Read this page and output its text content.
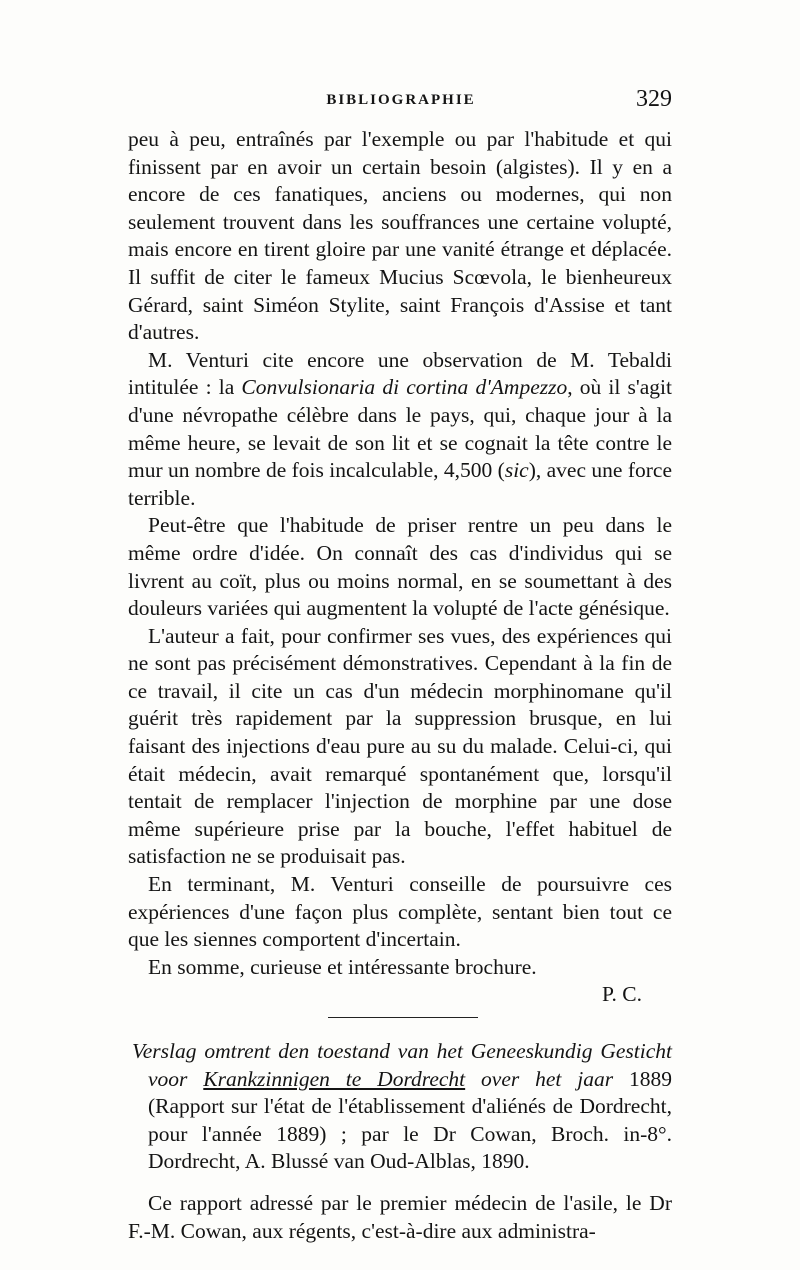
BIBLIOGRAPHIE	329

peu à peu, entraînés par l'exemple ou par l'habitude et qui finissent par en avoir un certain besoin (algistes). Il y en a encore de ces fanatiques, anciens ou modernes, qui non seulement trouvent dans les souffrances une certaine volupté, mais encore en tirent gloire par une vanité étrange et déplacée. Il suffit de citer le fameux Mucius Scœvola, le bienheureux Gérard, saint Siméon Stylite, saint François d'Assise et tant d'autres.

M. Venturi cite encore une observation de M. Tebaldi intitulée : la Convulsionaria di cortina d'Ampezzo, où il s'agit d'une névropathe célèbre dans le pays, qui, chaque jour à la même heure, se levait de son lit et se cognait la tête contre le mur un nombre de fois incalculable, 4,500 (sic), avec une force terrible.

Peut-être que l'habitude de priser rentre un peu dans le même ordre d'idée. On connaît des cas d'individus qui se livrent au coït, plus ou moins normal, en se soumettant à des douleurs variées qui augmentent la volupté de l'acte génésique.

L'auteur a fait, pour confirmer ses vues, des expériences qui ne sont pas précisément démonstratives. Cependant à la fin de ce travail, il cite un cas d'un médecin morphinomane qu'il guérit très rapidement par la suppression brusque, en lui faisant des injections d'eau pure au su du malade. Celui-ci, qui était médecin, avait remarqué spontanément que, lorsqu'il tentait de remplacer l'injection de morphine par une dose même supérieure prise par la bouche, l'effet habituel de satisfaction ne se produisait pas.

En terminant, M. Venturi conseille de poursuivre ces expériences d'une façon plus complète, sentant bien tout ce que les siennes comportent d'incertain.

En somme, curieuse et intéressante brochure.

P. C.

Verslag omtrent den toestand van het Geneeskundig Gesticht voor Krankzinnigen te Dordrecht over het jaar 1889 (Rapport sur l'état de l'établissement d'aliénés de Dordrecht, pour l'année 1889) ; par le Dr Cowan, Broch. in-8°. Dordrecht, A. Blussé van Oud-Alblas, 1890.

Ce rapport adressé par le premier médecin de l'asile, le Dr F.-M. Cowan, aux régents, c'est-à-dire aux administra-
